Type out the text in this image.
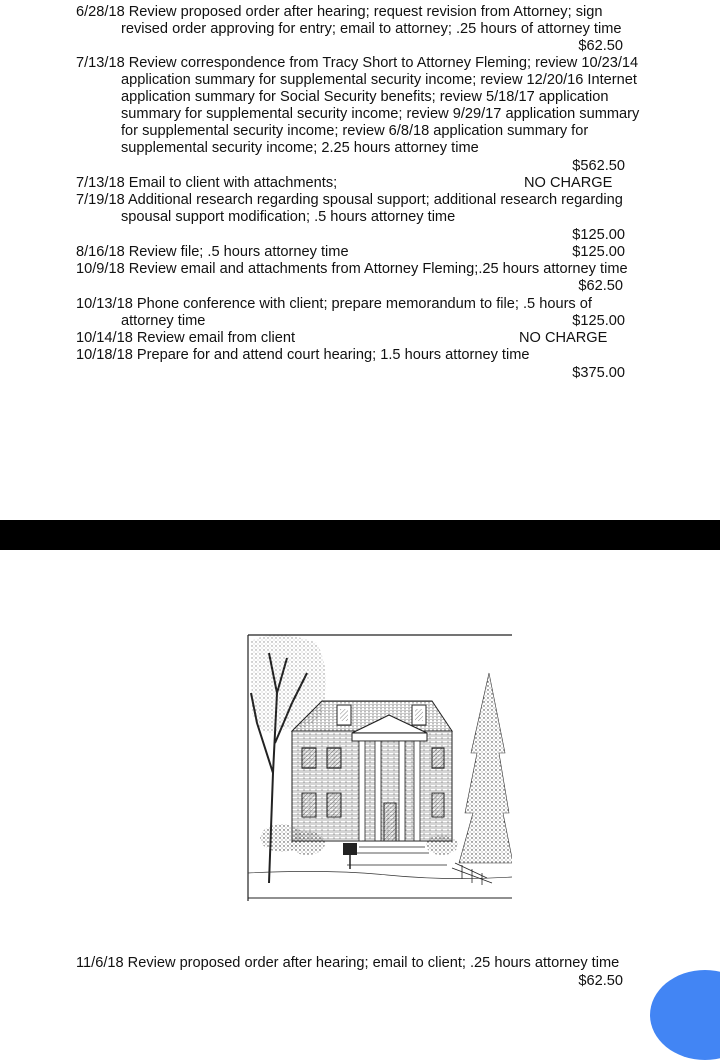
6/28/18 Review proposed order after hearing; request revision from Attorney; sign
revised order approving for entry; email to attorney; .25 hours of attorney time
$62.50
7/13/18 Review correspondence from Tracy Short to Attorney Fleming; review 10/23/14
application summary for supplemental security income; review 12/20/16 Internet
application summary for Social Security benefits; review 5/18/17 application
summary for supplemental security income; review 9/29/17 application summary
for supplemental security income; review 6/8/18 application summary for
supplemental security income; 2.25 hours attorney time
$562.50
7/13/18 Email to client with attachments;	NO CHARGE
7/19/18 Additional research regarding spousal support; additional research regarding
spousal support modification; .5 hours attorney time
$125.00
8/16/18 Review file; .5 hours attorney time	$125.00
10/9/18 Review email and attachments from Attorney Fleming;.25 hours attorney time
$62.50
10/13/18 Phone conference with client; prepare memorandum to file; .5 hours of
attorney time	$125.00
10/14/18 Review email from client	NO CHARGE
10/18/18 Prepare for and attend court hearing; 1.5 hours attorney time
$375.00
11/6/18 Review proposed order after hearing; email to client; .25 hours attorney time
$62.50
